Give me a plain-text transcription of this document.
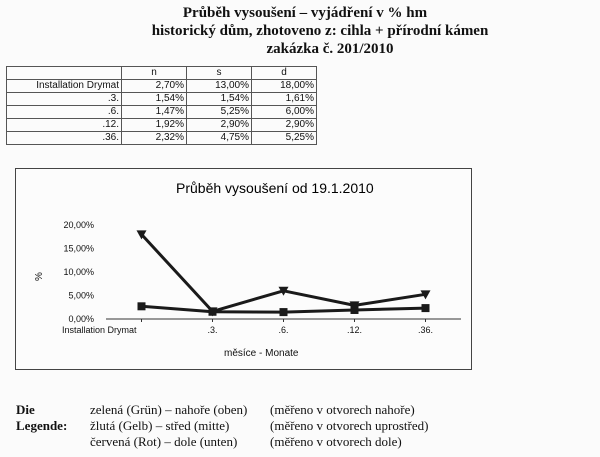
Průběh vysoušení – vyjádření v % hm
historický dům, zhotoveno z: cihla + přírodní kámen
zakázka č. 201/2010
	n	s	d
Installation Drymat	2,70%	13,00%	18,00%
.3.	1,54%	1,54%	1,61%
.6.	1,47%	5,25%	6,00%
.12.	1,92%	2,90%	2,90%
.36.	2,32%	4,75%	5,25%
Průběh vysoušení od 19.1.2010
%
měsíce - Monate
0,00%
5,00%
10,00%
15,00%
20,00%
Installation Drymat	.3.	.6.	.12.	.36.
Die Legende:
zelená (Grün) – nahoře (oben) (měřeno v otvorech nahoře)
žlutá (Gelb) – střed (mitte)	(měřeno v otvorech uprostřed)
červená (Rot) – dole (unten)	(měřeno v otvorech dole)
